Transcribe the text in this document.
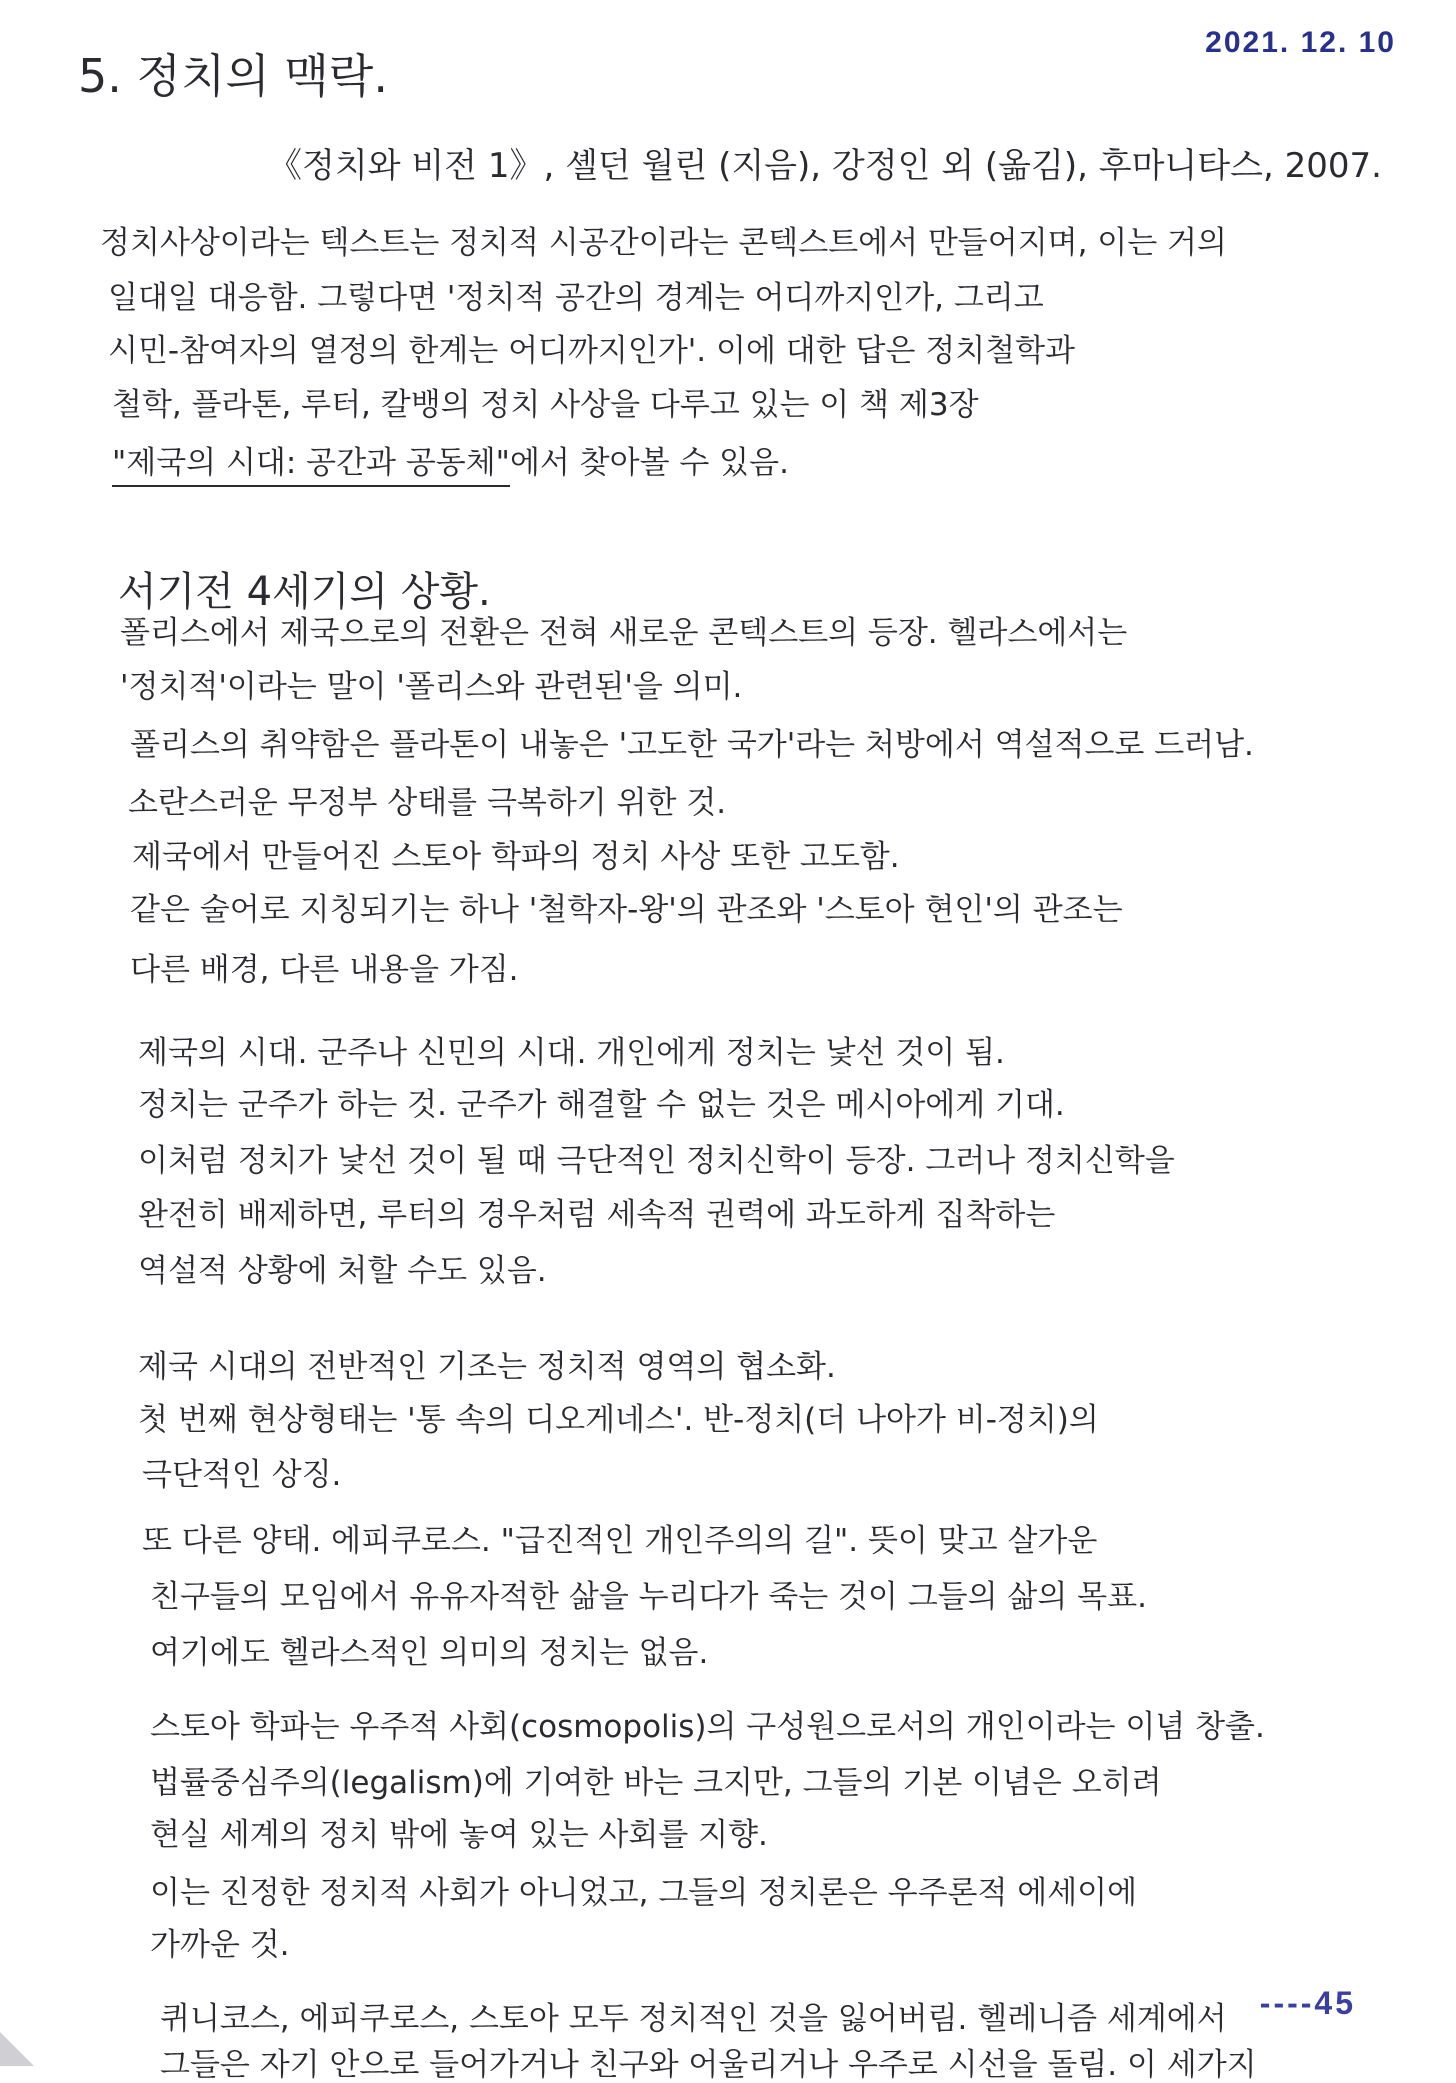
2021. 12. 10
5. 정치의 맥락.
《정치와 비전 1》, 셸던 월린 (지음), 강정인 외 (옮김), 후마니타스, 2007.
정치사상이라는 텍스트는 정치적 시공간이라는 콘텍스트에서 만들어지며, 이는 거의
일대일 대응함. 그렇다면 '정치적 공간의 경계는 어디까지인가, 그리고
시민-참여자의 열정의 한계는 어디까지인가'. 이에 대한 답은 정치철학과
철학, 플라톤, 루터, 칼뱅의 정치 사상을 다루고 있는 이 책 제3장
"제국의 시대: 공간과 공동체"에서 찾아볼 수 있음.
서기전 4세기의 상황.
폴리스에서 제국으로의 전환은 전혀 새로운 콘텍스트의 등장. 헬라스에서는
'정치적'이라는 말이 '폴리스와 관련된'을 의미.
폴리스의 취약함은 플라톤이 내놓은 '고도한 국가'라는 처방에서 역설적으로 드러남.
소란스러운 무정부 상태를 극복하기 위한 것.
제국에서 만들어진 스토아 학파의 정치 사상 또한 고도함.
같은 술어로 지칭되기는 하나 '철학자-왕'의 관조와 '스토아 현인'의 관조는
다른 배경, 다른 내용을 가짐.
제국의 시대. 군주나 신민의 시대. 개인에게 정치는 낯선 것이 됨.
정치는 군주가 하는 것. 군주가 해결할 수 없는 것은 메시아에게 기대.
이처럼 정치가 낯선 것이 될 때 극단적인 정치신학이 등장. 그러나 정치신학을
완전히 배제하면, 루터의 경우처럼 세속적 권력에 과도하게 집착하는
역설적 상황에 처할 수도 있음.
제국 시대의 전반적인 기조는 정치적 영역의 협소화.
첫 번째 현상형태는 '통 속의 디오게네스'. 반-정치(더 나아가 비-정치)의
극단적인 상징.
또 다른 양태. 에피쿠로스. "급진적인 개인주의의 길". 뜻이 맞고 살가운
친구들의 모임에서 유유자적한 삶을 누리다가 죽는 것이 그들의 삶의 목표.
여기에도 헬라스적인 의미의 정치는 없음.
스토아 학파는 우주적 사회(cosmopolis)의 구성원으로서의 개인이라는 이념 창출.
법률중심주의(legalism)에 기여한 바는 크지만, 그들의 기본 이념은 오히려
현실 세계의 정치 밖에 놓여 있는 사회를 지향.
이는 진정한 정치적 사회가 아니었고, 그들의 정치론은 우주론적 에세이에
가까운 것.
퀴니코스, 에피쿠로스, 스토아 모두 정치적인 것을 잃어버림. 헬레니즘 세계에서
그들은 자기 안으로 들어가거나 친구와 어울리거나 우주로 시선을 돌림. 이 세가지
----45
